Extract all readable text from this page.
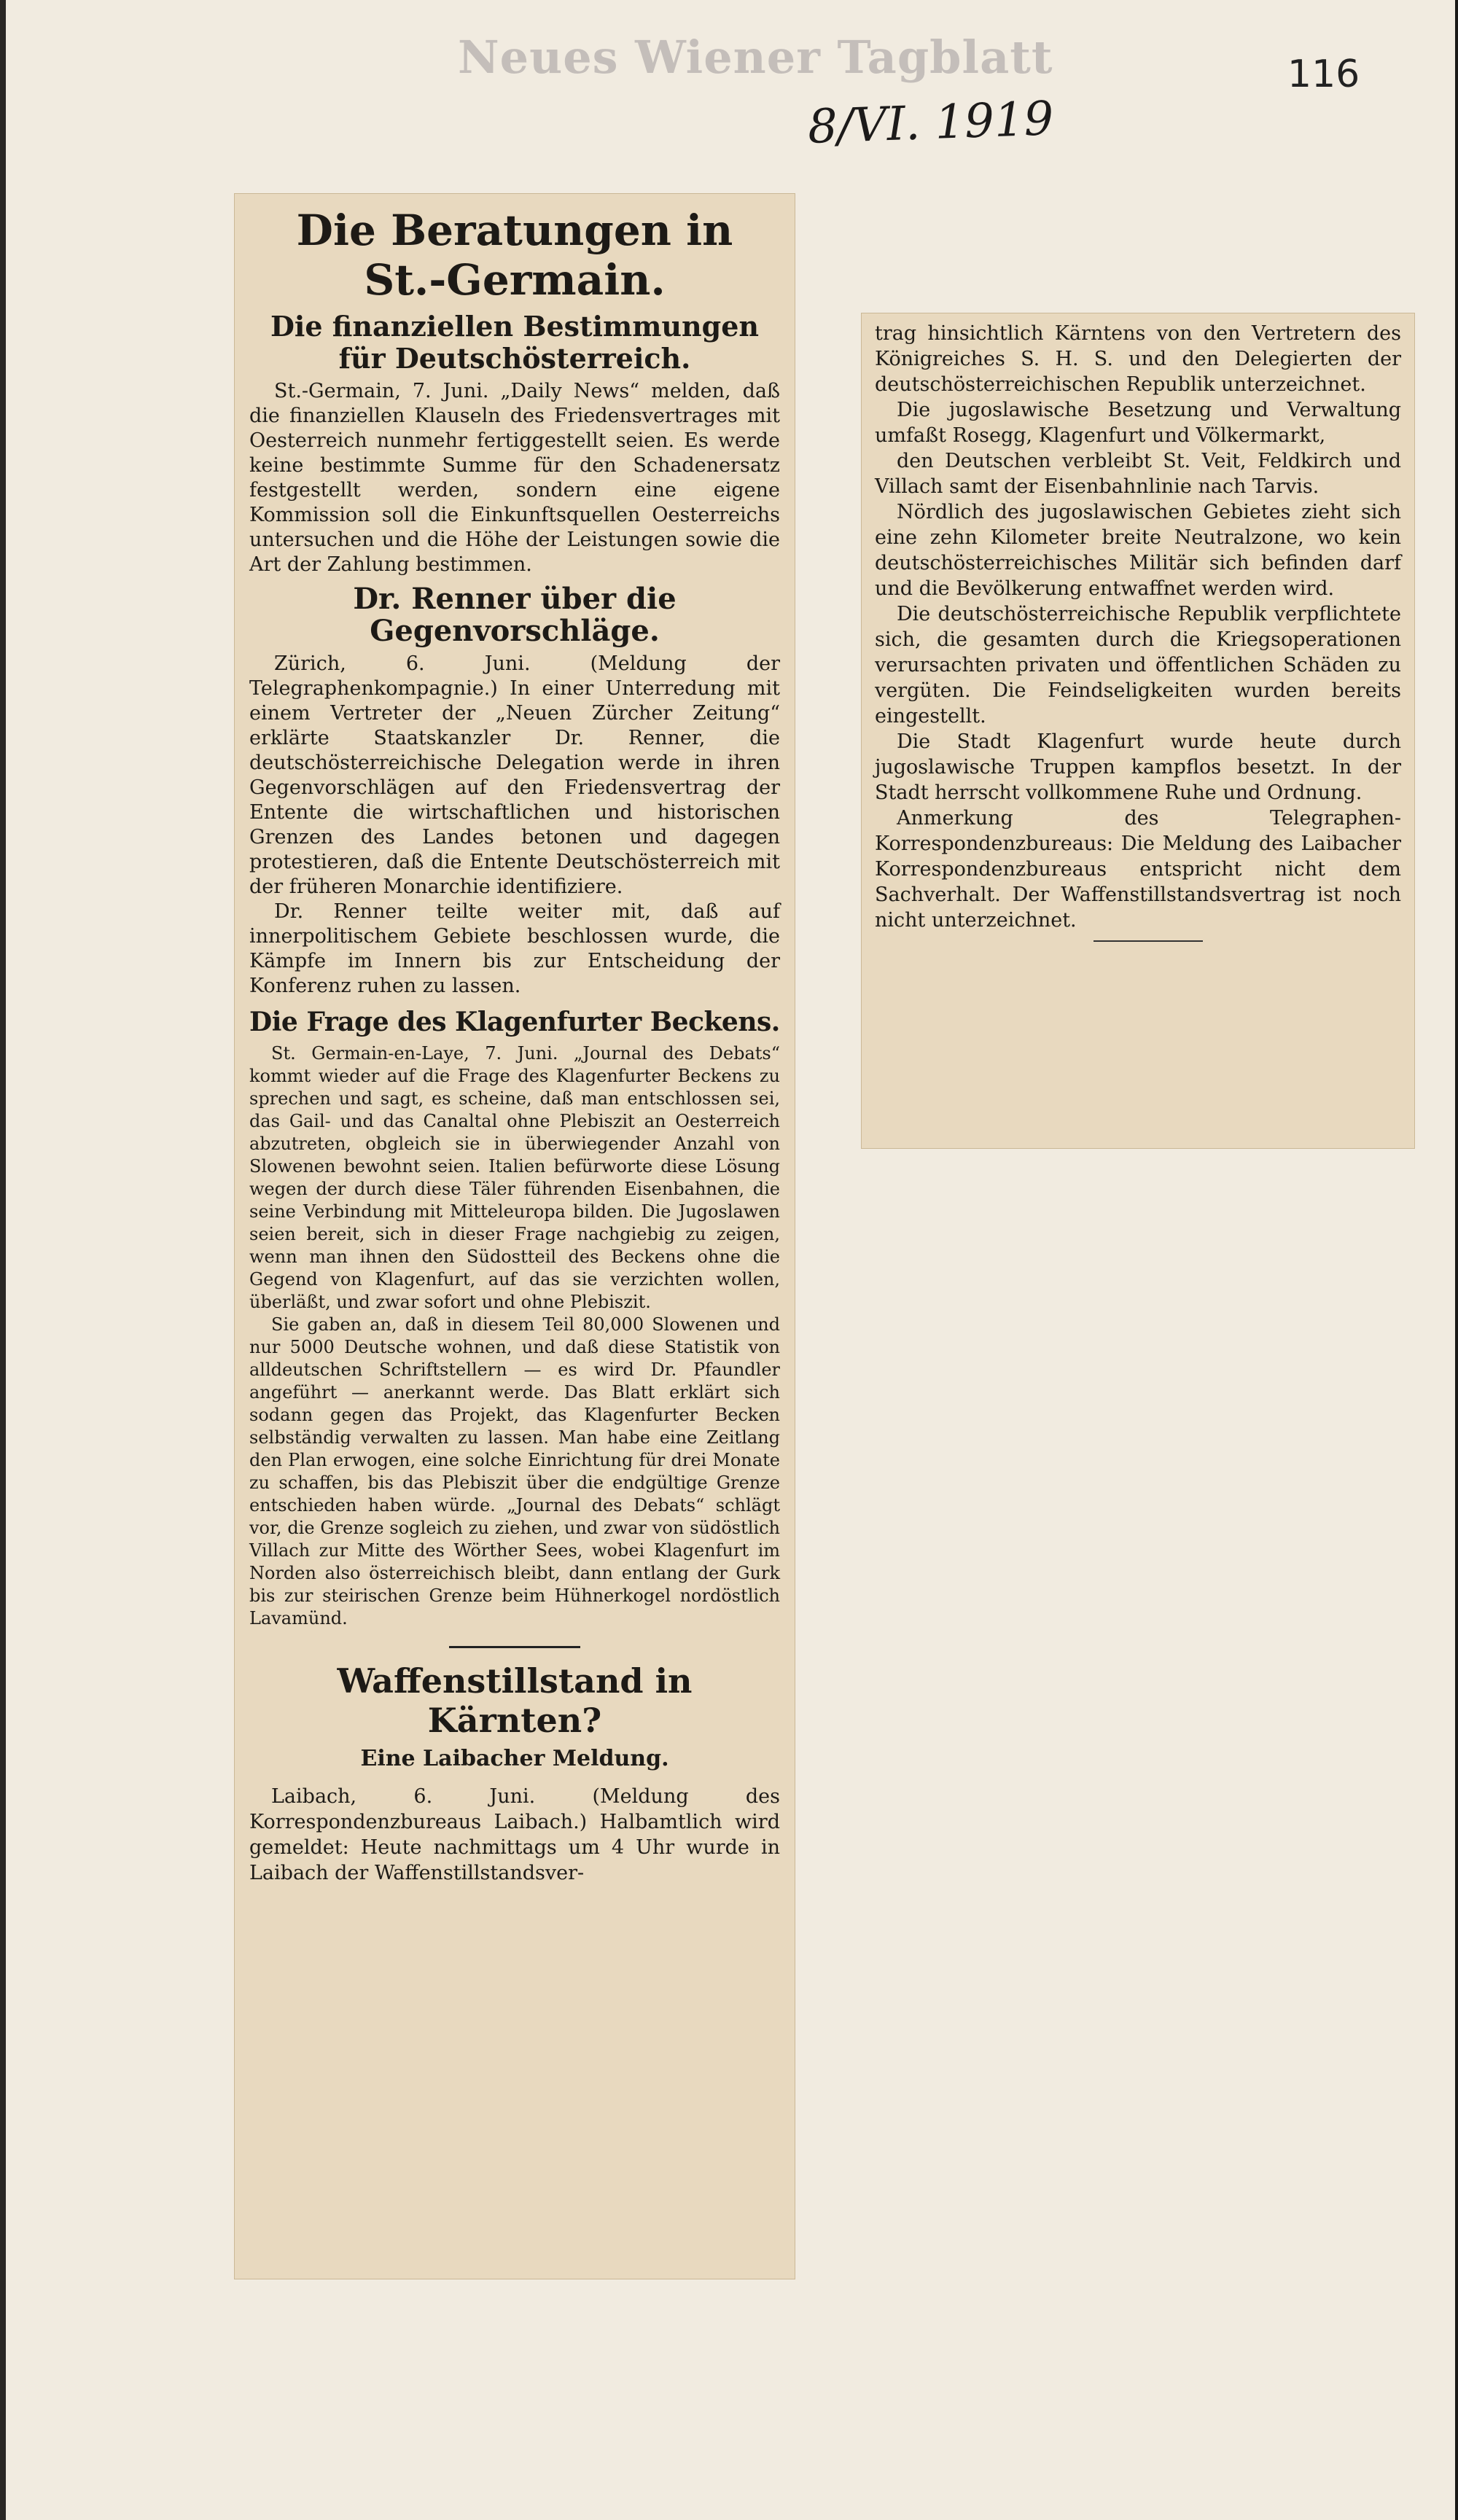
Neues Wiener Tagblatt
8/VI. 1919
116
Die Beratungen in St.-Germain.
Die finanziellen Bestimmungen für Deutschösterreich.

St.-Germain, 7. Juni. „Daily News“ melden, daß die finanziellen Klauseln des Friedensvertrages mit Oesterreich nunmehr fertiggestellt seien. Es werde keine bestimmte Summe für den Schadenersatz festgestellt werden, sondern eine eigene Kommission soll die Einkunftsquellen Oesterreichs untersuchen und die Höhe der Leistungen sowie die Art der Zahlung bestimmen.

Dr. Renner über die Gegenvorschläge.

Zürich, 6. Juni. (Meldung der Telegraphenkompagnie.) In einer Unterredung mit einem Vertreter der „Neuen Zürcher Zeitung“ erklärte Staatskanzler Dr. Renner, die deutschösterreichische Delegation werde in ihren Gegenvorschlägen auf den Friedensvertrag der Entente die wirtschaftlichen und historischen Grenzen des Landes betonen und dagegen protestieren, daß die Entente Deutschösterreich mit der früheren Monarchie identifiziere.

Dr. Renner teilte weiter mit, daß auf innerpolitischem Gebiete beschlossen wurde, die Kämpfe im Innern bis zur Entscheidung der Konferenz ruhen zu lassen.

Die Frage des Klagenfurter Beckens.

St. Germain-en-Laye, 7. Juni. „Journal des Debats“ kommt wieder auf die Frage des Klagenfurter Beckens zu sprechen und sagt, es scheine, daß man entschlossen sei, das Gail- und das Canaltal ohne Plebiszit an Oesterreich abzutreten, obgleich sie in überwiegender Anzahl von Slowenen bewohnt seien. Italien befürworte diese Lösung wegen der durch diese Täler führenden Eisenbahnen, die seine Verbindung mit Mitteleuropa bilden. Die Jugoslawen seien bereit, sich in dieser Frage nachgiebig zu zeigen, wenn man ihnen den Südostteil des Beckens ohne die Gegend von Klagenfurt, auf das sie verzichten wollen, überläßt, und zwar sofort und ohne Plebiszit.

Sie gaben an, daß in diesem Teil 80,000 Slowenen und nur 5000 Deutsche wohnen, und daß diese Statistik von alldeutschen Schriftstellern — es wird Dr. Pfaundler angeführt — anerkannt werde. Das Blatt erklärt sich sodann gegen das Projekt, das Klagenfurter Becken selbständig verwalten zu lassen. Man habe eine Zeitlang den Plan erwogen, eine solche Einrichtung für drei Monate zu schaffen, bis das Plebiszit über die endgültige Grenze entschieden haben würde. „Journal des Debats“ schlägt vor, die Grenze sogleich zu ziehen, und zwar von südöstlich Villach zur Mitte des Wörther Sees, wobei Klagenfurt im Norden also österreichisch bleibt, dann entlang der Gurk bis zur steirischen Grenze beim Hühnerkogel nordöstlich Lavamünd.

Waffenstillstand in Kärnten?
Eine Laibacher Meldung.

Laibach, 6. Juni. (Meldung des Korrespondenzbureaus Laibach.) Halbamtlich wird gemeldet: Heute nachmittags um 4 Uhr wurde in Laibach der Waffenstillstandsver-

trag hinsichtlich Kärntens von den Vertretern des Königreiches S. H. S. und den Delegierten der deutschösterreichischen Republik unterzeichnet.

Die jugoslawische Besetzung und Verwaltung umfaßt Rosegg, Klagenfurt und Völkermarkt,

den Deutschen verbleibt St. Veit, Feldkirch und Villach samt der Eisenbahnlinie nach Tarvis.

Nördlich des jugoslawischen Gebietes zieht sich eine zehn Kilometer breite Neutralzone, wo kein deutschösterreichisches Militär sich befinden darf und die Bevölkerung entwaffnet werden wird.

Die deutschösterreichische Republik verpflichtete sich, die gesamten durch die Kriegsoperationen verursachten privaten und öffentlichen Schäden zu vergüten. Die Feindseligkeiten wurden bereits eingestellt.

Die Stadt Klagenfurt wurde heute durch jugoslawische Truppen kampflos besetzt. In der Stadt herrscht vollkommene Ruhe und Ordnung.

Anmerkung des Telegraphen-Korrespondenzbureaus: Die Meldung des Laibacher Korrespondenzbureaus entspricht nicht dem Sachverhalt. Der Waffenstillstandsvertrag ist noch nicht unterzeichnet.
